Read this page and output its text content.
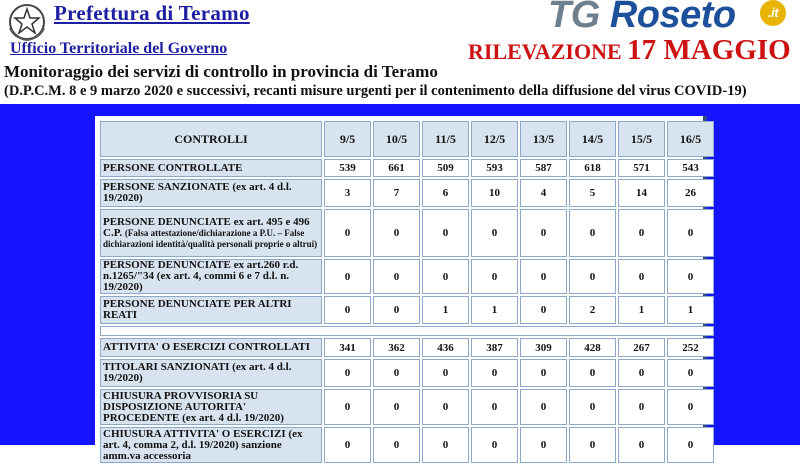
Prefettura di Teramo
Ufficio Territoriale del Governo
TG Roseto	.it
RILEVAZIONE 17 MAGGIO
Monitoraggio dei servizi di controllo in provincia di Teramo
(D.P.C.M. 8 e 9 marzo 2020 e successivi, recanti misure urgenti per il contenimento della diffusione del virus COVID-19)
CONTROLLI	9/5	10/5	11/5	12/5	13/5	14/5	15/5	16/5
PERSONE CONTROLLATE	539	661	509	593	587	618	571	543
PERSONE SANZIONATE (ex art. 4 d.l. 19/2020)	3	7	6	10	4	5	14	26
PERSONE DENUNCIATE ex art. 495 e 496 C.P. (Falsa attestazione/dichiarazione a P.U. – False dichiarazioni identità/qualità personali proprie o altrui)	0	0	0	0	0	0	0	0
PERSONE DENUNCIATE ex art.260 r.d. n.1265/"34 (ex art. 4, commi 6 e 7 d.l. n. 19/2020)	0	0	0	0	0	0	0	0
PERSONE DENUNCIATE PER ALTRI REATI	0	0	1	1	0	2	1	1

ATTIVITA' O ESERCIZI CONTROLLATI	341	362	436	387	309	428	267	252
TITOLARI SANZIONATI (ex art. 4 d.l. 19/2020)	0	0	0	0	0	0	0	0
CHIUSURA PROVVISORIA SU DISPOSIZIONE AUTORITA' PROCEDENTE (ex art. 4 d.l. 19/2020)	0	0	0	0	0	0	0	0
CHIUSURA ATTIVITA' O ESERCIZI (ex art. 4, comma 2, d.l. 19/2020) sanzione amm.va accessoria	0	0	0	0	0	0	0	0
